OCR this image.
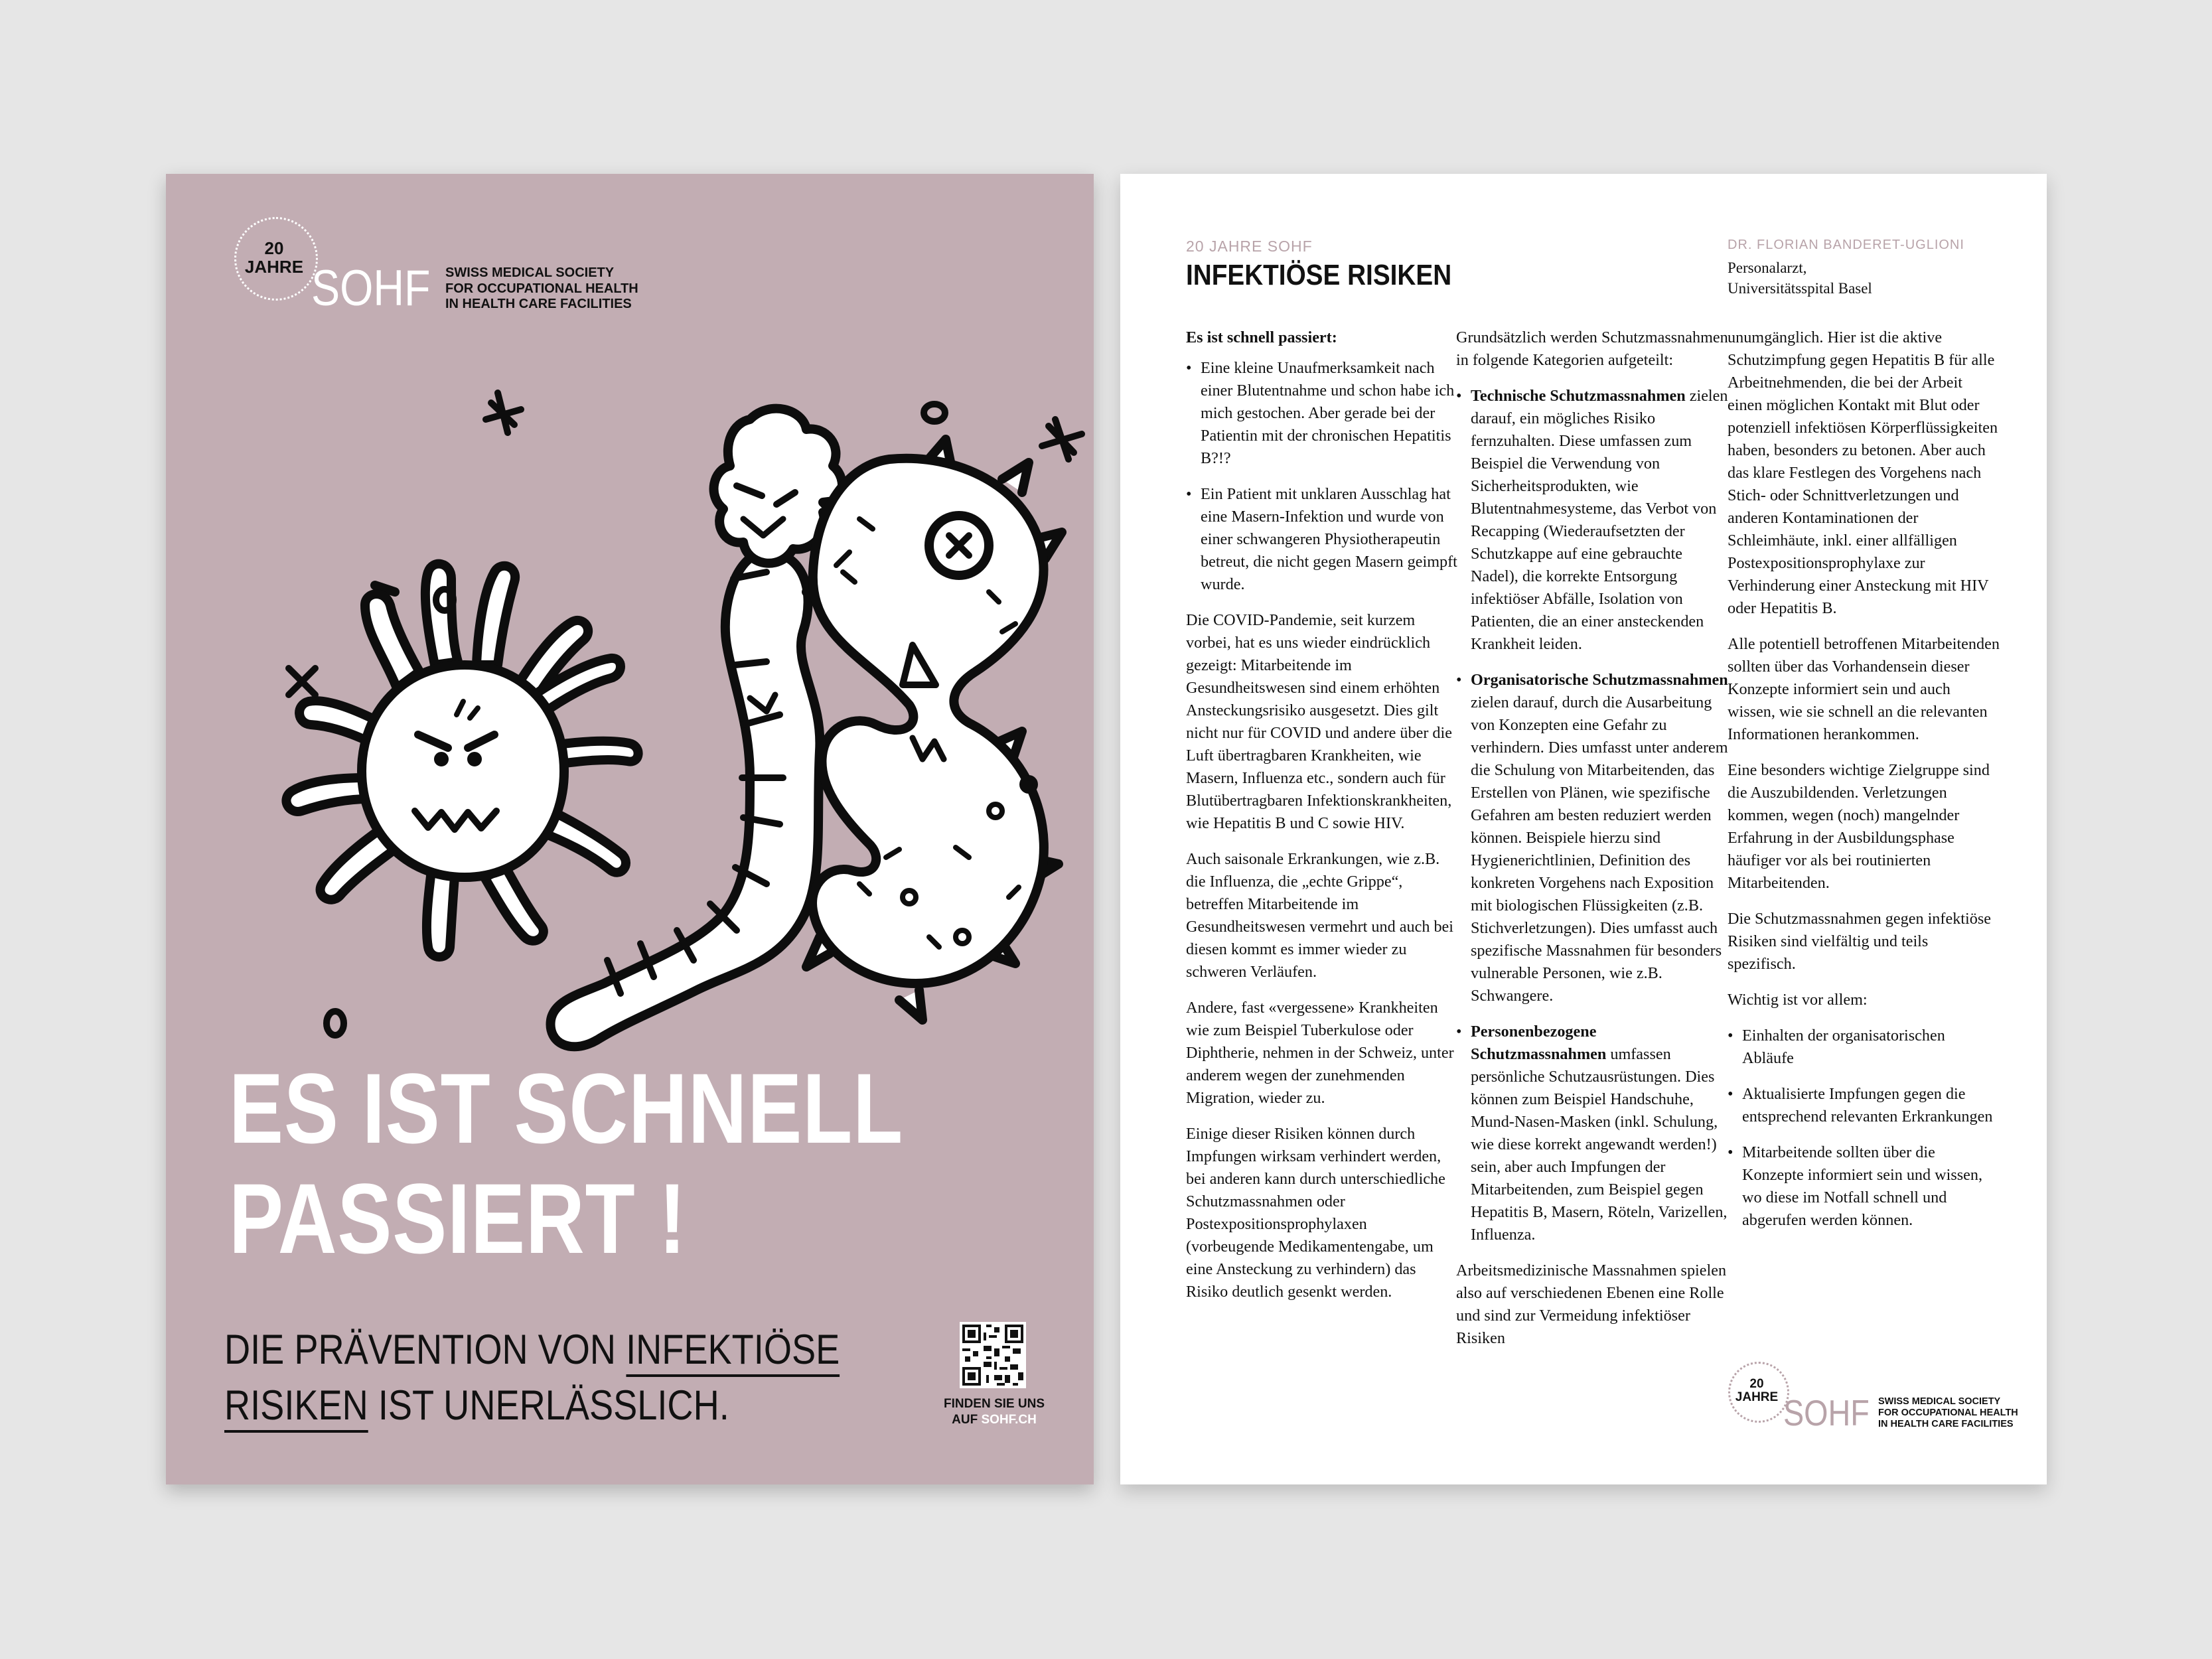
20
JAHRE SOHF SWISS MEDICAL SOCIETY
FOR OCCUPATIONAL HEALTH
IN HEALTH CARE FACILITIES
ES IST SCHNELL
PASSIERT !
DIE PRÄVENTION VON INFEKTIÖSE
RISIKEN IST UNERLÄSSLICH.	FINDEN SIE UNS
AUF SOHF.CH
20 JAHRE SOHF
INFEKTIÖSE RISIKEN
DR. FLORIAN BANDERET-UGLIONI
Personalarzt,
Universitätsspital Basel

Es ist schnell passiert:

• Eine kleine Unaufmerksamkeit nach einer Blutentnahme und schon habe ich mich gestochen. Aber gerade bei der Patientin mit der chronischen Hepatitis B?!?
• Ein Patient mit unklaren Ausschlag hat eine Masern-Infektion und wurde von einer schwangeren Physiotherapeutin betreut, die nicht gegen Masern geimpft wurde.

Die COVID-Pandemie, seit kurzem vorbei, hat es uns wieder eindrücklich gezeigt: Mitarbeitende im Gesundheitswesen sind einem erhöhten Ansteckungsrisiko ausgesetzt. Dies gilt nicht nur für COVID und andere über die Luft übertragbaren Krankheiten, wie Masern, Influenza etc., sondern auch für Blutübertragbaren Infektionskrankheiten, wie Hepatitis B und C sowie HIV.

Auch saisonale Erkrankungen, wie z.B. die Influenza, die „echte Grippe“, betreffen Mitarbeitende im Gesundheitswesen vermehrt und auch bei diesen kommt es immer wieder zu schweren Verläufen.

Andere, fast «vergessene» Krankheiten wie zum Beispiel Tuberkulose oder Diphtherie, nehmen in der Schweiz, unter anderem wegen der zunehmenden Migration, wieder zu.

Einige dieser Risiken können durch Impfungen wirksam verhindert werden, bei anderen kann durch unterschiedliche Schutzmassnahmen oder Postexpositionsprophylaxen (vorbeugende Medikamentengabe, um eine Ansteckung zu verhindern) das Risiko deutlich gesenkt werden.

Grundsätzlich werden Schutzmassnahmen in folgende Kategorien aufgeteilt:

• Technische Schutzmassnahmen zielen darauf, ein mögliches Risiko fernzuhalten. Diese umfassen zum Beispiel die Verwendung von Sicherheitsprodukten, wie Blutentnahmesysteme, das Verbot von Recapping (Wiederaufsetzten der Schutzkappe auf eine gebrauchte Nadel), die korrekte Entsorgung infektiöser Abfälle, Isolation von Patienten, die an einer ansteckenden Krankheit leiden.
• Organisatorische Schutzmassnahmen zielen darauf, durch die Ausarbeitung von Konzepten eine Gefahr zu verhindern. Dies umfasst unter anderem die Schulung von Mitarbeitenden, das Erstellen von Plänen, wie spezifische Gefahren am besten reduziert werden können. Beispiele hierzu sind Hygienerichtlinien, Definition des konkreten Vorgehens nach Exposition mit biologischen Flüssigkeiten (z.B. Stichverletzungen). Dies umfasst auch spezifische Massnahmen für besonders vulnerable Personen, wie z.B. Schwangere.
• Personenbezogene Schutzmassnahmen umfassen persönliche Schutzausrüstungen. Dies können zum Beispiel Handschuhe, Mund-Nasen-Masken (inkl. Schulung, wie diese korrekt angewandt werden!) sein, aber auch Impfungen der Mitarbeitenden, zum Beispiel gegen Hepatitis B, Masern, Röteln, Varizellen, Influenza.

Arbeitsmedizinische Massnahmen spielen also auf verschiedenen Ebenen eine Rolle und sind zur Vermeidung infektiöser Risiken

unumgänglich. Hier ist die aktive Schutzimpfung gegen Hepatitis B für alle Arbeitnehmenden, die bei der Arbeit einen möglichen Kontakt mit Blut oder potenziell infektiösen Körperflüssigkeiten haben, besonders zu betonen. Aber auch das klare Festlegen des Vorgehens nach Stich- oder Schnittverletzungen und anderen Kontaminationen der Schleimhäute, inkl. einer allfälligen Postexpositionsprophylaxe zur Verhinderung einer Ansteckung mit HIV oder Hepatitis B.

Alle potentiell betroffenen Mitarbeitenden sollten über das Vorhandensein dieser Konzepte informiert sein und auch wissen, wie sie schnell an die relevanten Informationen herankommen.

Eine besonders wichtige Zielgruppe sind die Auszubildenden. Verletzungen kommen, wegen (noch) mangelnder Erfahrung in der Ausbildungsphase häufiger vor als bei routinierten Mitarbeitenden.

Die Schutzmassnahmen gegen infektiöse Risiken sind vielfältig und teils spezifisch.

Wichtig ist vor allem:

• Einhalten der organisatorischen Abläufe
• Aktualisierte Impfungen gegen die entsprechend relevanten Erkrankungen
• Mitarbeitende sollten über die Konzepte informiert sein und wissen, wo diese im Notfall schnell und abgerufen werden können.
20
JAHRE SOHF SWISS MEDICAL SOCIETY
FOR OCCUPATIONAL HEALTH
IN HEALTH CARE FACILITIES
